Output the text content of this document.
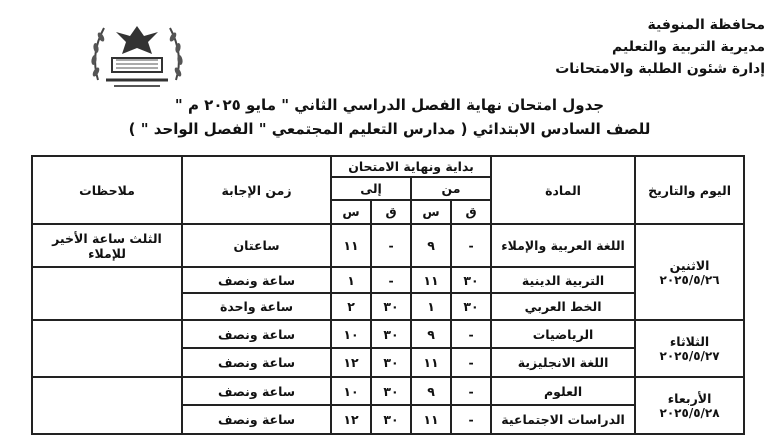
محافظة المنوفية
مديرية التربية والتعليم
إدارة شئون الطلبة والامتحانات
جدول امتحان نهاية الفصل الدراسي الثاني " مايو ٢٠٢٥ م "
للصف السادس الابتدائي ( مدارس التعليم المجتمعي " الفصل الواحد " )
اليوم والتاريخ	المادة	بداية ونهاية الامتحان				زمن الإجابة	ملاحظات
		من		إلى			
		ق	س	ق	س		

الاثنين
٢٠٢٥/٥/٢٦	اللغة العربية والإملاء	-	٩	-	١١	ساعتان	الثلث ساعة الأخير للإملاء
	التربية الدينية	٣٠	١١	-	١	ساعة ونصف	
	الخط العربي	٣٠	١	٣٠	٢	ساعة واحدة	

الثلاثاء
٢٠٢٥/٥/٢٧	الرياضيات	-	٩	٣٠	١٠	ساعة ونصف	
	اللغة الانجليزية	-	١١	٣٠	١٢	ساعة ونصف	

الأربعاء
٢٠٢٥/٥/٢٨	العلوم	-	٩	٣٠	١٠	ساعة ونصف	
	الدراسات الاجتماعية	-	١١	٣٠	١٢	ساعة ونصف	
